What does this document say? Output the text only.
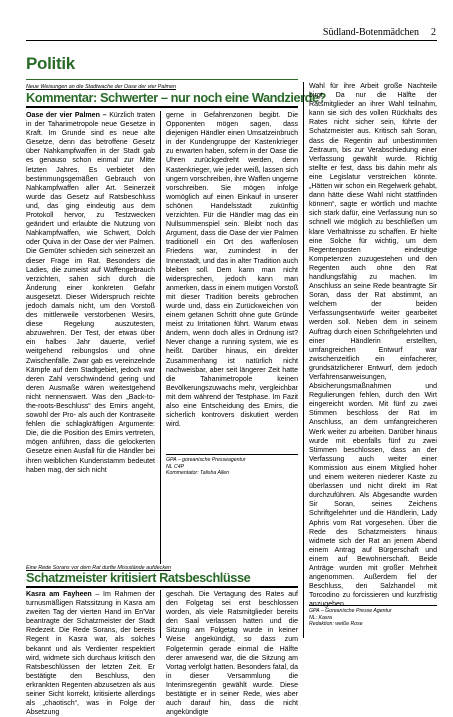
Südland-Botenmädchen 2
Politik
Neue Weisungen an die Stadtwache der Oase der vier Palmen
Kommentar: Schwerter – nur noch eine Wandzierde?

Oase der vier Palmen – Kürzlich traten in der Taharimetropole neue Gesetze in Kraft. Im Grunde sind es neue alte Gesetze, denn das betroffene Gesetz über Nahkampfwaffen in der Stadt gab es genauso schon einmal zur Mitte letzten Jahres. Es verbietet den bestimmungsgemäßen Gebrauch von Nahkampfwaffen aller Art. Seinerzeit wurde das Gesetz auf Ratsbeschluss und, das ging eindeutig aus dem Protokoll hervor, zu Testzwecken geändert und erlaubte die Nutzung von Nahkampfwaffen, wie Schwert, Dolch oder Quiva in der Oase der vier Palmen. Die Gemüter schieden sich seinerzeit an dieser Frage im Rat. Besonders die Ladies, die zumeist auf Waffengebrauch verzichten, sahen sich durch die Änderung einer konkreten Gefahr ausgesetzt. Dieser Widerspruch reichte jedoch damals nicht, um den Vorstoß des mittlerweile verstorbenen Wesirs, diese Regelung auszutesten, abzuwehren. Der Test, der etwas über ein halbes Jahr dauerte, verlief weitgehend reibungslos und ohne Zwischenfälle. Zwar gab es vereinzelnde Kämpfe auf dem Stadtgebiet, jedoch war deren Zahl verschwindend gering und deren Ausmaße wären weitestgehend nicht nennenswert. Was den „Back-to-the-roots-Beschluss“ des Emirs angeht, sowohl der Pro- als auch der Kontraseite fehlen die schlagkräftigen Argumente: Die, die die Position des Emirs vertreten, mögen anführen, dass die gelockerten Gesetze einen Ausfall für die Händler bei ihren weiblichen Kundenstamm bedeutet haben mag, der sich nicht

gerne in Gefahrenzonen begibt. Die Opponenten mögen sagen, dass diejenigen Händler einen Umsatzeinbruch in der Kundengruppe der Kastenkrieger zu erwarten haben, sofern in der Oase die Uhren zurückgedreht werden, denn Kastenkrieger, wie jeder weiß, lassen sich ungern vorschreiben, ihre Waffen ungerne vorschreiben. Sie mögen infolge womöglich auf einen Einkauf in unserer schönen Handelsstadt zukünftig verzichten. Für die Händler mag das ein Nullsummenspiel sein. Bleibt noch das Argument, dass die Oase der vier Palmen traditionell ein Ort des waffenlosen Friedens war, zumindest in der Innenstadt, und das in alter Tradition auch bleiben soll. Dem kann man nicht widersprechen, jedoch kann man anmerken, dass in einem mutigen Vorstoß mit dieser Tradition bereits gebrochen wurde und, dass ein Zurückweichen von einem getanen Schritt ohne gute Gründe meist zu Irritationen führt. Warum etwas ändern, wenn doch alles in Ordnung ist? Never change a running system, wie es heißt. Darüber hinaus, ein direkter Zusammenhang ist natürlich nicht nachweisbar, aber seit längerer Zeit hatte die Tahanimetropole keinen Bevölkerungszuwachs mehr, vergleichbar mit dem während der Testphase. Im Fazit also eine Entscheidung des Emirs, die sicherlich kontrovers diskutiert werden wird.

GPA – goreanische Presseagentur
NL C4P
Kommentator: Talisha Allen
Eine Rede Sorans vor dem Rat durfte Missstände aufdecken
Schatzmeister kritisiert Ratsbeschlüsse

Kasra am Fayheen – Im Rahmen der turnusmäßigen Ratssitzung in Kasra am zweiten Tag der vierten Hand im En'Var beantragte der Schatzmeister der Stadt Redezeit. Die Rede Sorans, der bereits Regent in Kasra war, als solches bekannt und als Verdienter respektiert wird, widmete sich durchaus kritisch den Ratsbeschlüssen der letzten Zeit. Er bestätigte den Beschluss, den erkrankten Regenten abzusetzen als aus seiner Sicht korrekt, kritisierte allerdings als „chaotisch“, was in Folge der Absetzung

geschah. Die Vertagung des Rates auf den Folgetag sei erst beschlossen worden, als viele Ratsmitglieder bereits den Saal verlassen hatten und die Sitzung am Folgetag wurde in keiner Weise angekündigt, so dass zum Folgetermin gerade einmal die Hälfte derer anwesend war, die die Sitzung am Vortag verfolgt hatten. Besonders fatal, da in dieser Versammlung die Interimsregentin gewählt wurde. Diese bestätigte er in seiner Rede, wies aber auch darauf hin, dass die nicht angekündigte

Wahl für ihre Arbeit große Nachteile birgt. Da nur die Hälfte der Ratsmitglieder an ihrer Wahl teilnahm, kann sie sich des vollen Rückhalts des Rates nicht sicher sein, führte der Schatzmeister aus. Kritisch sah Soran, dass die Regentin auf unbestimmten Zeitraum, bis zur Verabschiedung einer Verfassung gewählt wurde. Richtig stellte er fest, dass bis dahin mehr als eine Legislatur verstreichen könnte. „Hätten wir schon ein Regelwerk gehabt, dann hätte diese Wahl nicht stattfinden können“, sagte er wörtlich und machte sich stark dafür, eine Verfassung nun so schnell wie möglich zu beschließen um klare Verhältnisse zu schaffen. Er hielte eine Solche für wichtig, um dem Regentenposten eindeutige Kompetenzen zuzugestehen und den Regenten auch ohne den Rat handlungsfähig zu machen. Im Anschluss an seine Rede beantragte Sir Soran, dass der Rat abstimmt, an welchem der beiden Verfassungsentwürfe weiter gearbeitet werden soll. Neben dem in seinem Auftrag durch einen Schriftgelehrten und einer Händlerin erstellten, umfangreichen Entwurf war zwischenzeitlich ein einfacherer, grundsätzlicherer Entwurf, dem jedoch Verfahrensanweisungen, Absicherungsmaßnahmen und Regulierungen fehlen, durch den Wirt eingereicht worden. Mit fünf zu zwei Stimmen beschloss der Rat im Anschluss, an dem umfangreicheren Werk weiter zu arbeiten. Darüber hinaus wurde mit ebenfalls fünf zu zwei Stimmen beschlossen, dass an der Verfassung auch weiter einer Kommission aus einem Mitglied hoher und einem weiteren niederer Kaste zu überlassen und nicht direkt im Rat durchzuführen. Als Abgesandte wurden Sir Soran, seines Zeichens Schriftgelehrter und die Händlerin, Lady Aphris vom Rat vorgesehen. Über die Rede des Schatzmeisters hinaus widmete sich der Rat an jenem Abend einem Antrag auf Bürgerschaft und einem auf Bewohnerschaft. Beide Anträge wurden mit großer Mehrheit angenommen. Außerdem fiel der Beschluss, den Salzhandel mit Torcodino zu forcissieren und kurzfristig anzugehen.

GPA – Goreanische Presse Agentur
NL: Kasra
Redaktion: weiße Rose
